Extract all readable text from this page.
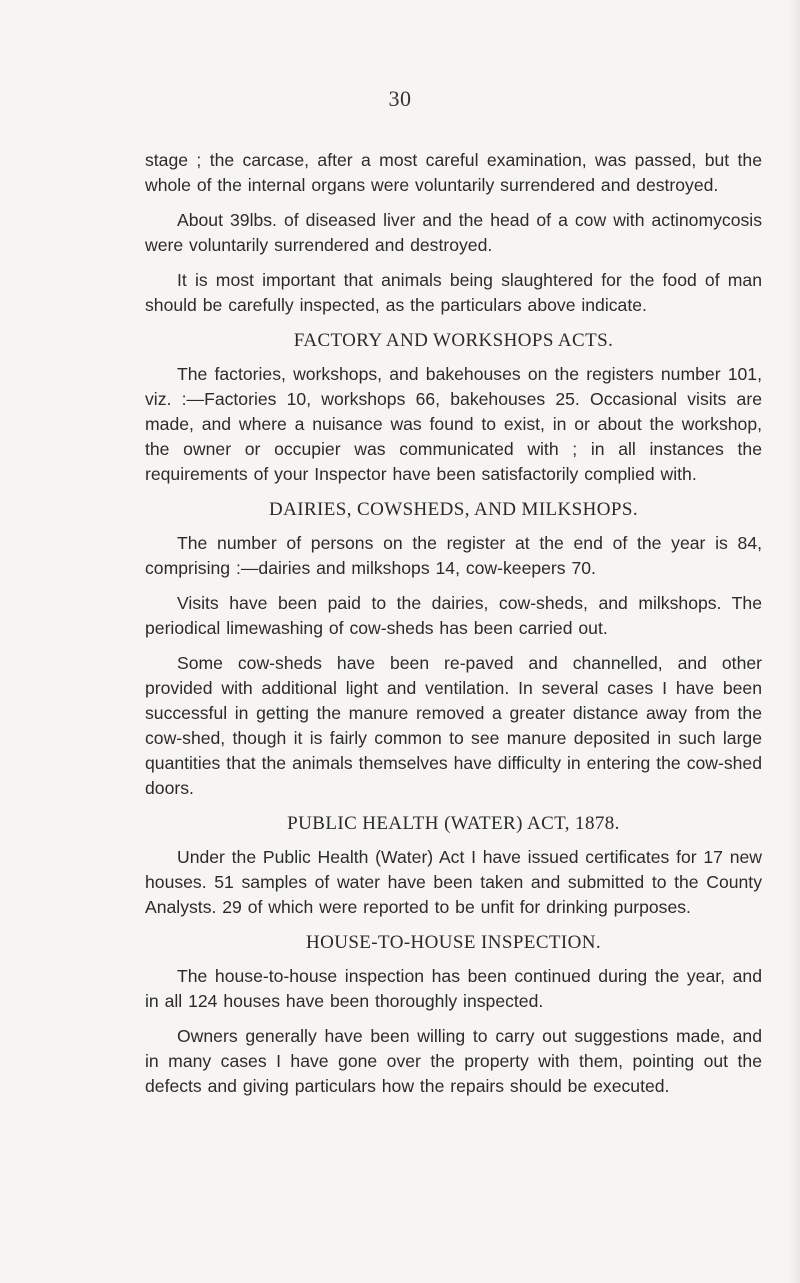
30

stage ; the carcase, after a most careful examination, was passed, but the whole of the internal organs were voluntarily surrendered and destroyed.

About 39lbs. of diseased liver and the head of a cow with actinomycosis were voluntarily surrendered and destroyed.

It is most important that animals being slaughtered for the food of man should be carefully inspected, as the particulars above indicate.

FACTORY AND WORKSHOPS ACTS.

The factories, workshops, and bakehouses on the registers number 101, viz. :—Factories 10, workshops 66, bakehouses 25. Occasional visits are made, and where a nuisance was found to exist, in or about the workshop, the owner or occupier was communicated with ; in all instances the requirements of your Inspector have been satisfactorily complied with.

DAIRIES, COWSHEDS, AND MILKSHOPS.

The number of persons on the register at the end of the year is 84, comprising :—dairies and milkshops 14, cow-keepers 70.

Visits have been paid to the dairies, cow-sheds, and milkshops. The periodical limewashing of cow-sheds has been carried out.

Some cow-sheds have been re-paved and channelled, and other provided with additional light and ventilation. In several cases I have been successful in getting the manure removed a greater distance away from the cow-shed, though it is fairly common to see manure deposited in such large quantities that the animals themselves have difficulty in entering the cow-shed doors.

PUBLIC HEALTH (WATER) ACT, 1878.

Under the Public Health (Water) Act I have issued certificates for 17 new houses. 51 samples of water have been taken and submitted to the County Analysts. 29 of which were reported to be unfit for drinking purposes.

HOUSE-TO-HOUSE INSPECTION.

The house-to-house inspection has been continued during the year, and in all 124 houses have been thoroughly inspected.

Owners generally have been willing to carry out suggestions made, and in many cases I have gone over the property with them, pointing out the defects and giving particulars how the repairs should be executed.
